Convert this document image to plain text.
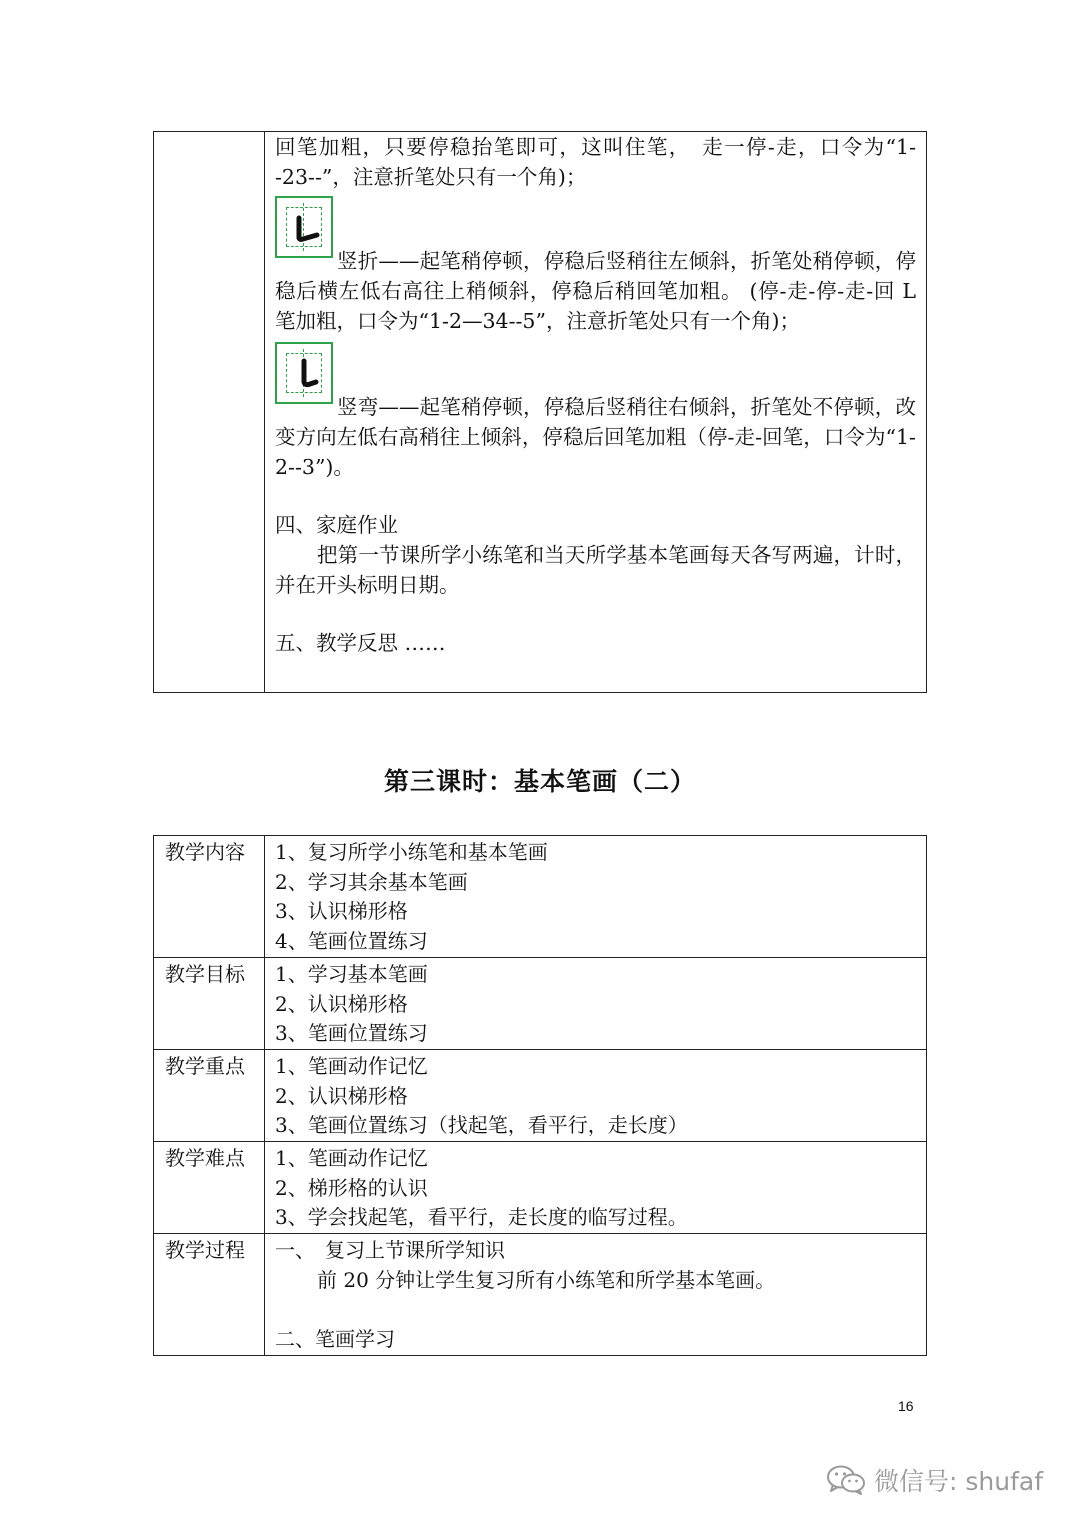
回笔加粗，只要停稳抬笔即可，这叫住笔，　走一停-走，口令为“1--23--”，注意折笔处只有一个角)；

竖折——起笔稍停顿，停稳后竖稍往左倾斜，折笔处稍停顿，停稳后横左低右高往上稍倾斜，停稳后稍回笔加粗。 (停-走-停-走-回 L 笔加粗，口令为“1-2—34--5”，注意折笔处只有一个角)；

竖弯——起笔稍停顿，停稳后竖稍往右倾斜，折笔处不停顿，改变方向左低右高稍往上倾斜，停稳后回笔加粗（停-走-回笔，口令为“1-2--3”)。

四、家庭作业

把第一节课所学小练笔和当天所学基本笔画每天各写两遍，计时，并在开头标明日期。

五、教学反思 ……

第三课时：基本笔画（二）
教学内容	1、复习所学小练笔和基本笔画
2、学习其余基本笔画
3、认识梯形格
4、笔画位置练习

教学目标	1、学习基本笔画
2、认识梯形格
3、笔画位置练习

教学重点	1、笔画动作记忆
2、认识梯形格
3、笔画位置练习（找起笔，看平行，走长度）

教学难点	1、笔画动作记忆
2、梯形格的认识
3、学会找起笔，看平行，走长度的临写过程。

教学过程	一、　复习上节课所学知识
前 20 分钟让学生复习所有小练笔和所学基本笔画。
二、笔画学习
16
微信号: shufaf
